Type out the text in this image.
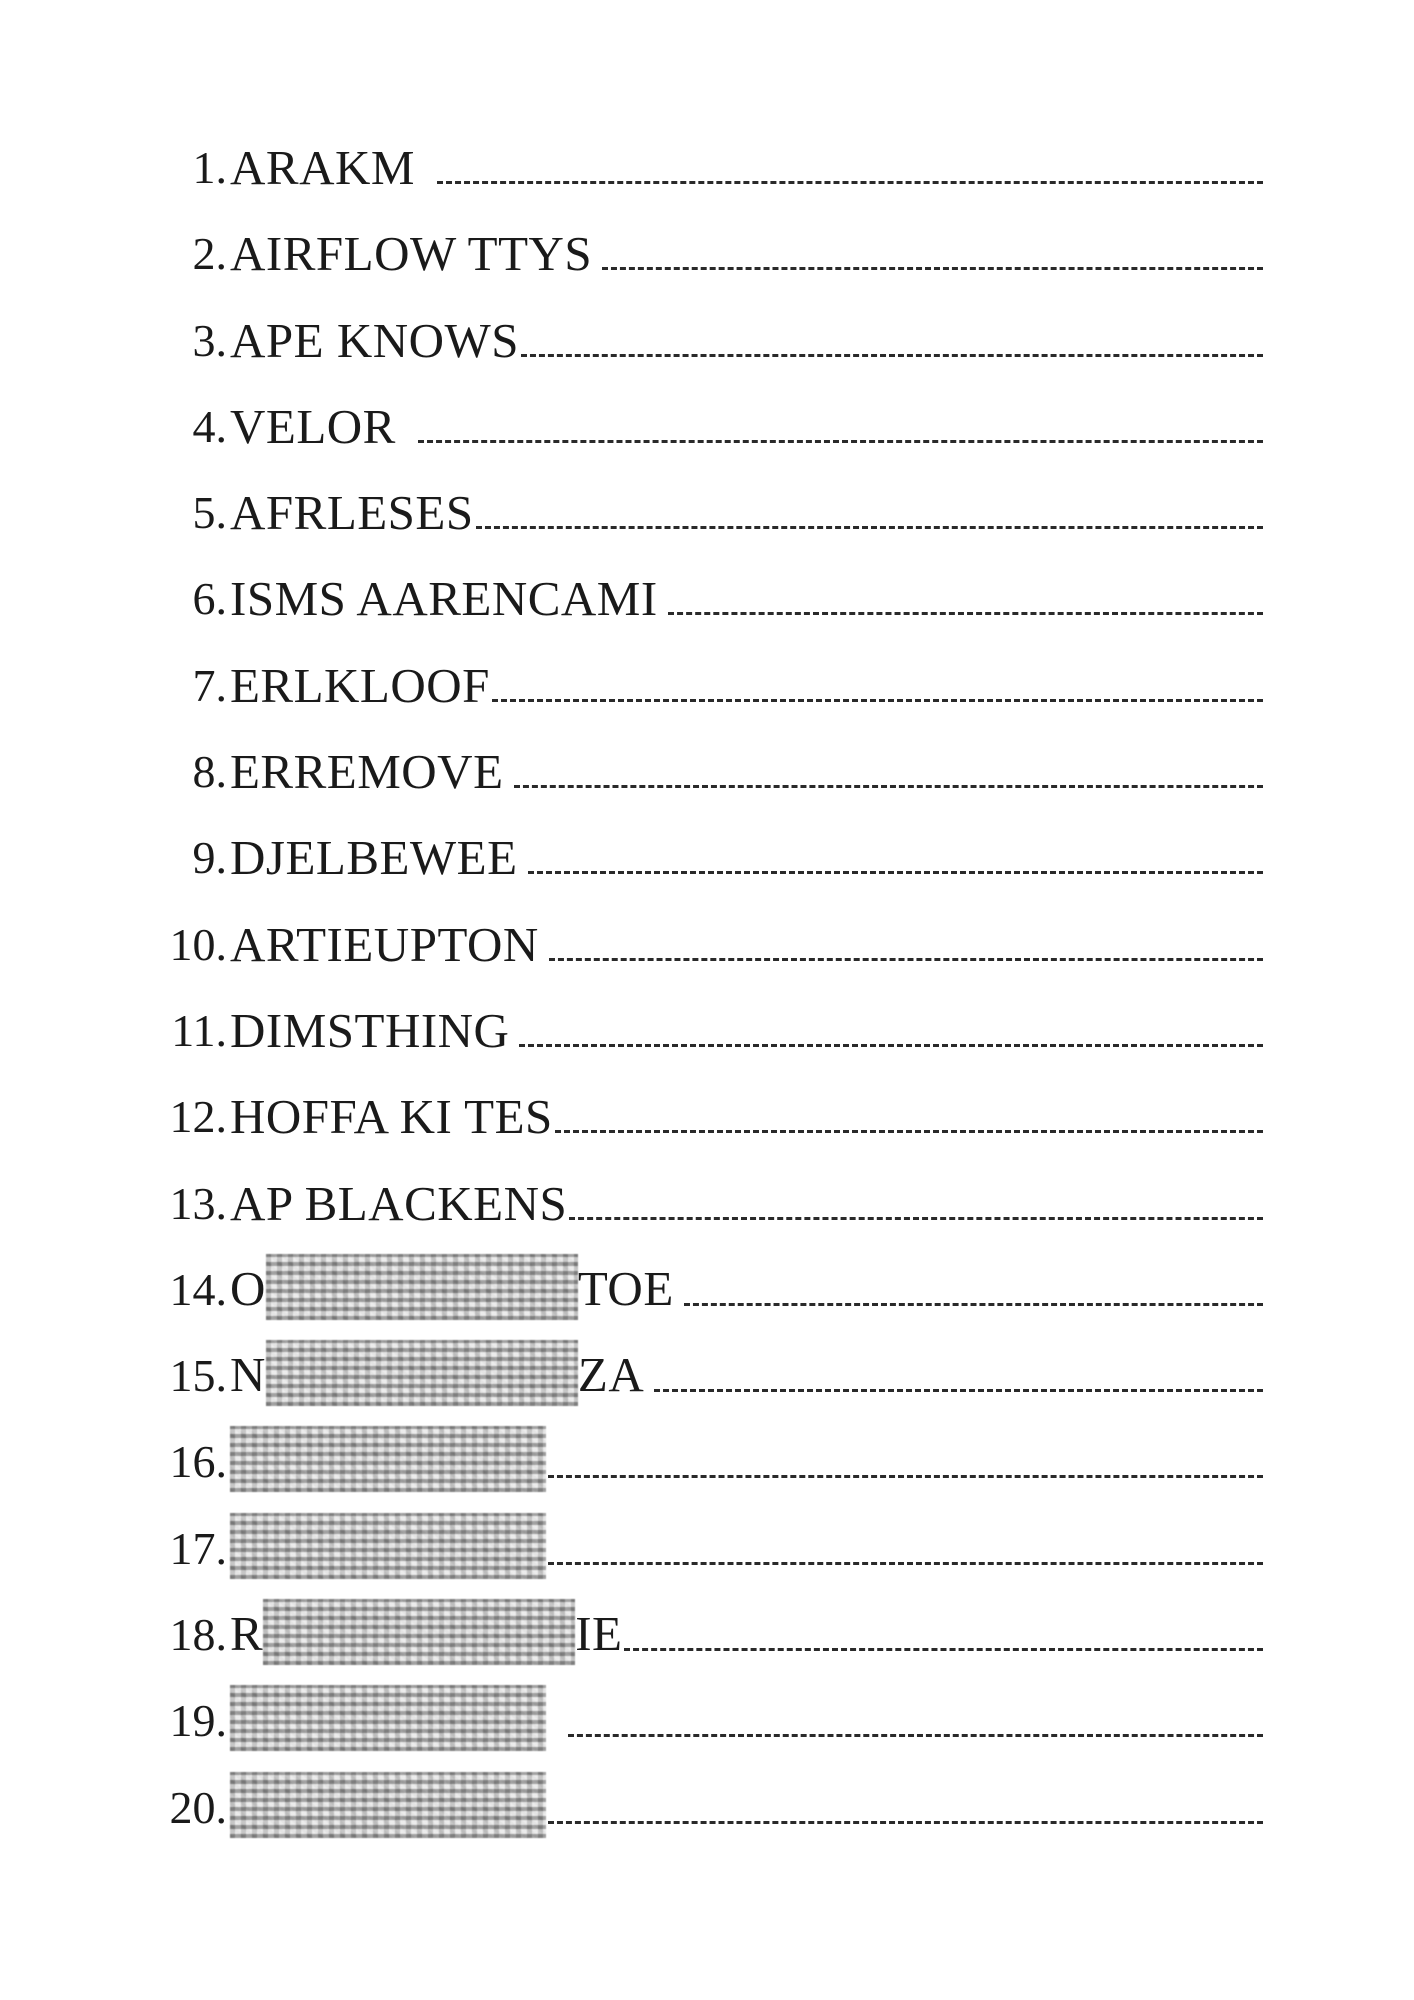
1. ARAKM
2. AIRFLOW TTYS
3. APE KNOWS
4. VELOR
5. AFRLESES
6. ISMS AARENCAMI
7. ERLKLOOF
8. ERREMOVE
9. DJELBEWEE
10. ARTIEUPTON
11. DIMSTHING
12. HOFFA KI TES
13. AP BLACKENS
14. O	TOE
15. N	ZA
16.
17.
18. R	IE
19.
20.
